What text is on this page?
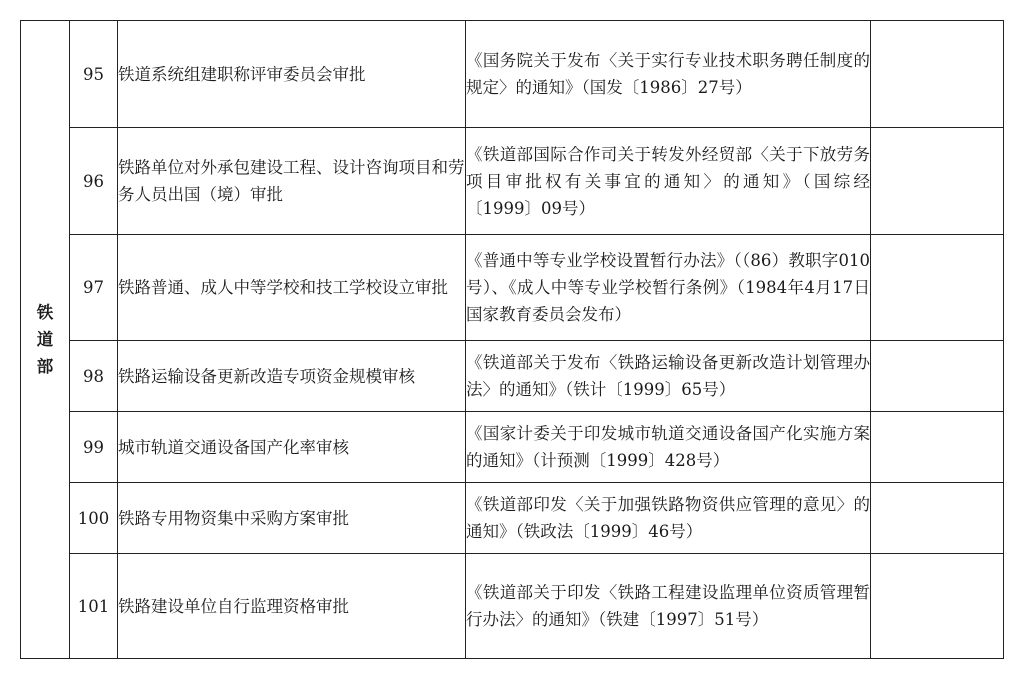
铁
道
部	95	铁道系统组建职称评审委员会审批	《国务院关于发布〈关于实行专业技术职务聘任制度的规定〉的通知》（国发〔1986〕27号）	
	96	铁路单位对外承包建设工程、设计咨询项目和劳务人员出国（境）审批	《铁道部国际合作司关于转发外经贸部〈关于下放劳务项目审批权有关事宜的通知〉的通知》（国综经〔1999〕09号）	
	97	铁路普通、成人中等学校和技工学校设立审批	《普通中等专业学校设置暂行办法》（（86）教职字010号）、《成人中等专业学校暂行条例》（1984年4月17日国家教育委员会发布）	
	98	铁路运输设备更新改造专项资金规模审核	《铁道部关于发布〈铁路运输设备更新改造计划管理办法〉的通知》（铁计〔1999〕65号）	
	99	城市轨道交通设备国产化率审核	《国家计委关于印发城市轨道交通设备国产化实施方案的通知》（计预测〔1999〕428号）	
	100	铁路专用物资集中采购方案审批	《铁道部印发〈关于加强铁路物资供应管理的意见〉的通知》（铁政法〔1999〕46号）	
	101	铁路建设单位自行监理资格审批	《铁道部关于印发〈铁路工程建设监理单位资质管理暂行办法〉的通知》（铁建〔1997〕51号）	
